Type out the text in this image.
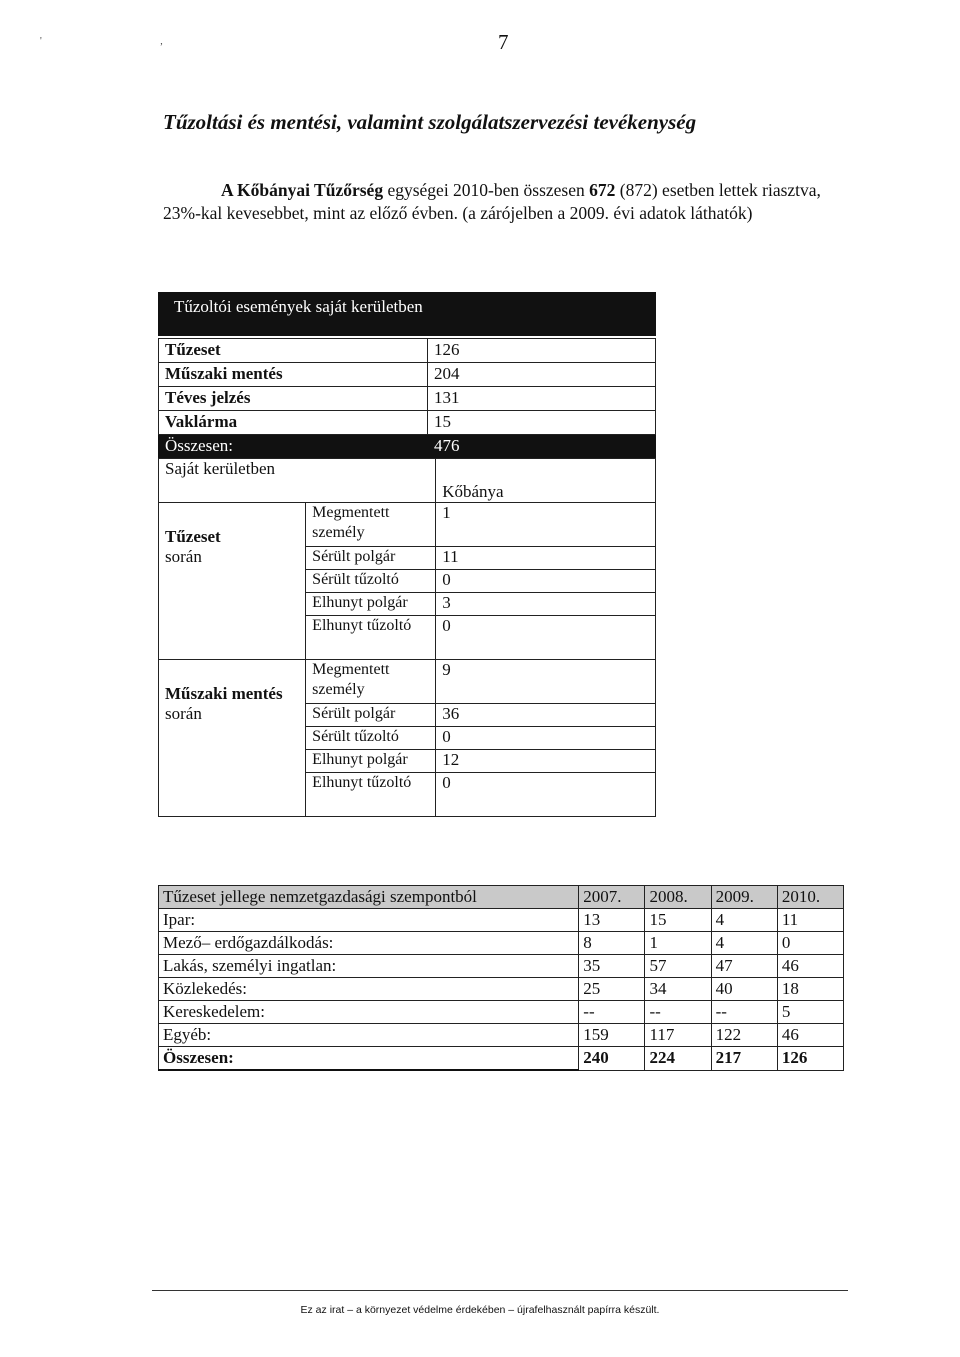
' ,	7
Tűzoltási és mentési, valamint szolgálatszervezési tevékenység
A Kőbányai Tűzőrség egységei 2010-ben összesen 672 (872) esetben lettek riasztva, 23%-kal kevesebbet, mint az előző évben. (a zárójelben a 2009. évi adatok láthatók)
Tűzoltói események saját kerületben
Tűzeset	126
Műszaki mentés	204
Téves jelzés	131
Vaklárma	15
Összesen:	476
Saját kerületben		Kőbánya
Tűzeset
során	Megmentett személy	1
	Sérült polgár	11
	Sérült tűzoltó	0
	Elhunyt polgár	3
	Elhunyt tűzoltó	0
Műszaki mentés során	Megmentett személy	9
	Sérült polgár	36
	Sérült tűzoltó	0
	Elhunyt polgár	12
	Elhunyt tűzoltó	0
Tűzeset jellege nemzetgazdasági szempontból	2007.	2008.	2009.	2010.
Ipar:	13	15	4	11
Mező– erdőgazdálkodás:	8	1	4	0
Lakás, személyi ingatlan:	35	57	47	46
Közlekedés:	25	34	40	18
Kereskedelem:	--	--	--	5
Egyéb:	159	117	122	46
Összesen:	240	224	217	126
Ez az irat – a környezet védelme érdekében – újrafelhasznált papírra készült.
